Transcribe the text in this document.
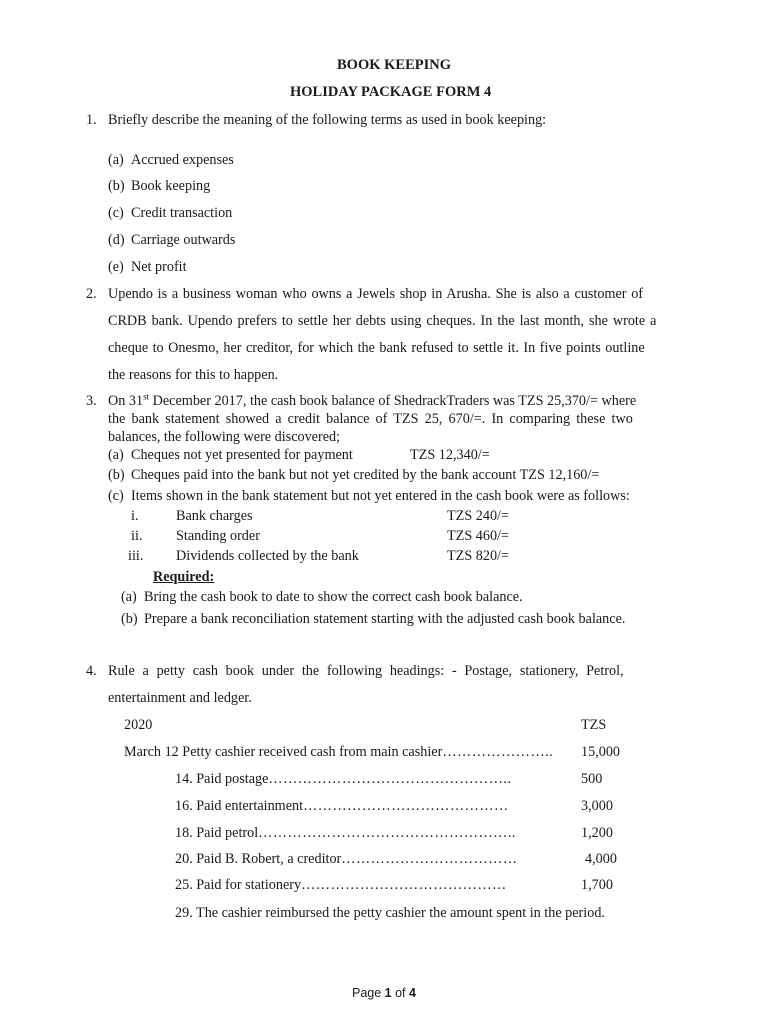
BOOK KEEPING
HOLIDAY PACKAGE FORM 4
1. Briefly describe the meaning of the following terms as used in book keeping:
(a) Accrued expenses
(b) Book keeping
(c) Credit transaction
(d) Carriage outwards
(e) Net profit
2. Upendo is a business woman who owns a Jewels shop in Arusha. She is also a customer of
CRDB bank. Upendo prefers to settle her debts using cheques. In the last month, she wrote a
cheque to Onesmo, her creditor, for which the bank refused to settle it. In five points outline
the reasons for this to happen.
3. On 31st December 2017, the cash book balance of ShedrackTraders was TZS 25,370/= where
the bank statement showed a credit balance of TZS 25, 670/=. In comparing these two
balances, the following were discovered;
(a) Cheques not yet presented for payment	TZS 12,340/=
(b) Cheques paid into the bank but not yet credited by the bank account TZS 12,160/=
(c) Items shown in the bank statement but not yet entered in the cash book were as follows:
i.	Bank charges	TZS 240/=
ii. Standing order	TZS 460/=
iii. Dividends collected by the bank	TZS 820/=
Required:
(a) Bring the cash book to date to show the correct cash book balance.
(b) Prepare a bank reconciliation statement starting with the adjusted cash book balance.
4. Rule a petty cash book under the following headings: - Postage, stationery, Petrol,
entertainment and ledger.
2020	TZS
March 12 Petty cashier received cash from main cashier………………….. 15,000
14. Paid postage…………………………………………..	500
16. Paid entertainment……………………………………	3,000
18. Paid petrol……………………………………………..	1,200
20. Paid B. Robert, a creditor………………………………	4,000
25. Paid for stationery……………………………………	1,700
29. The cashier reimbursed the petty cashier the amount spent in the period.
Page 1 of 4
